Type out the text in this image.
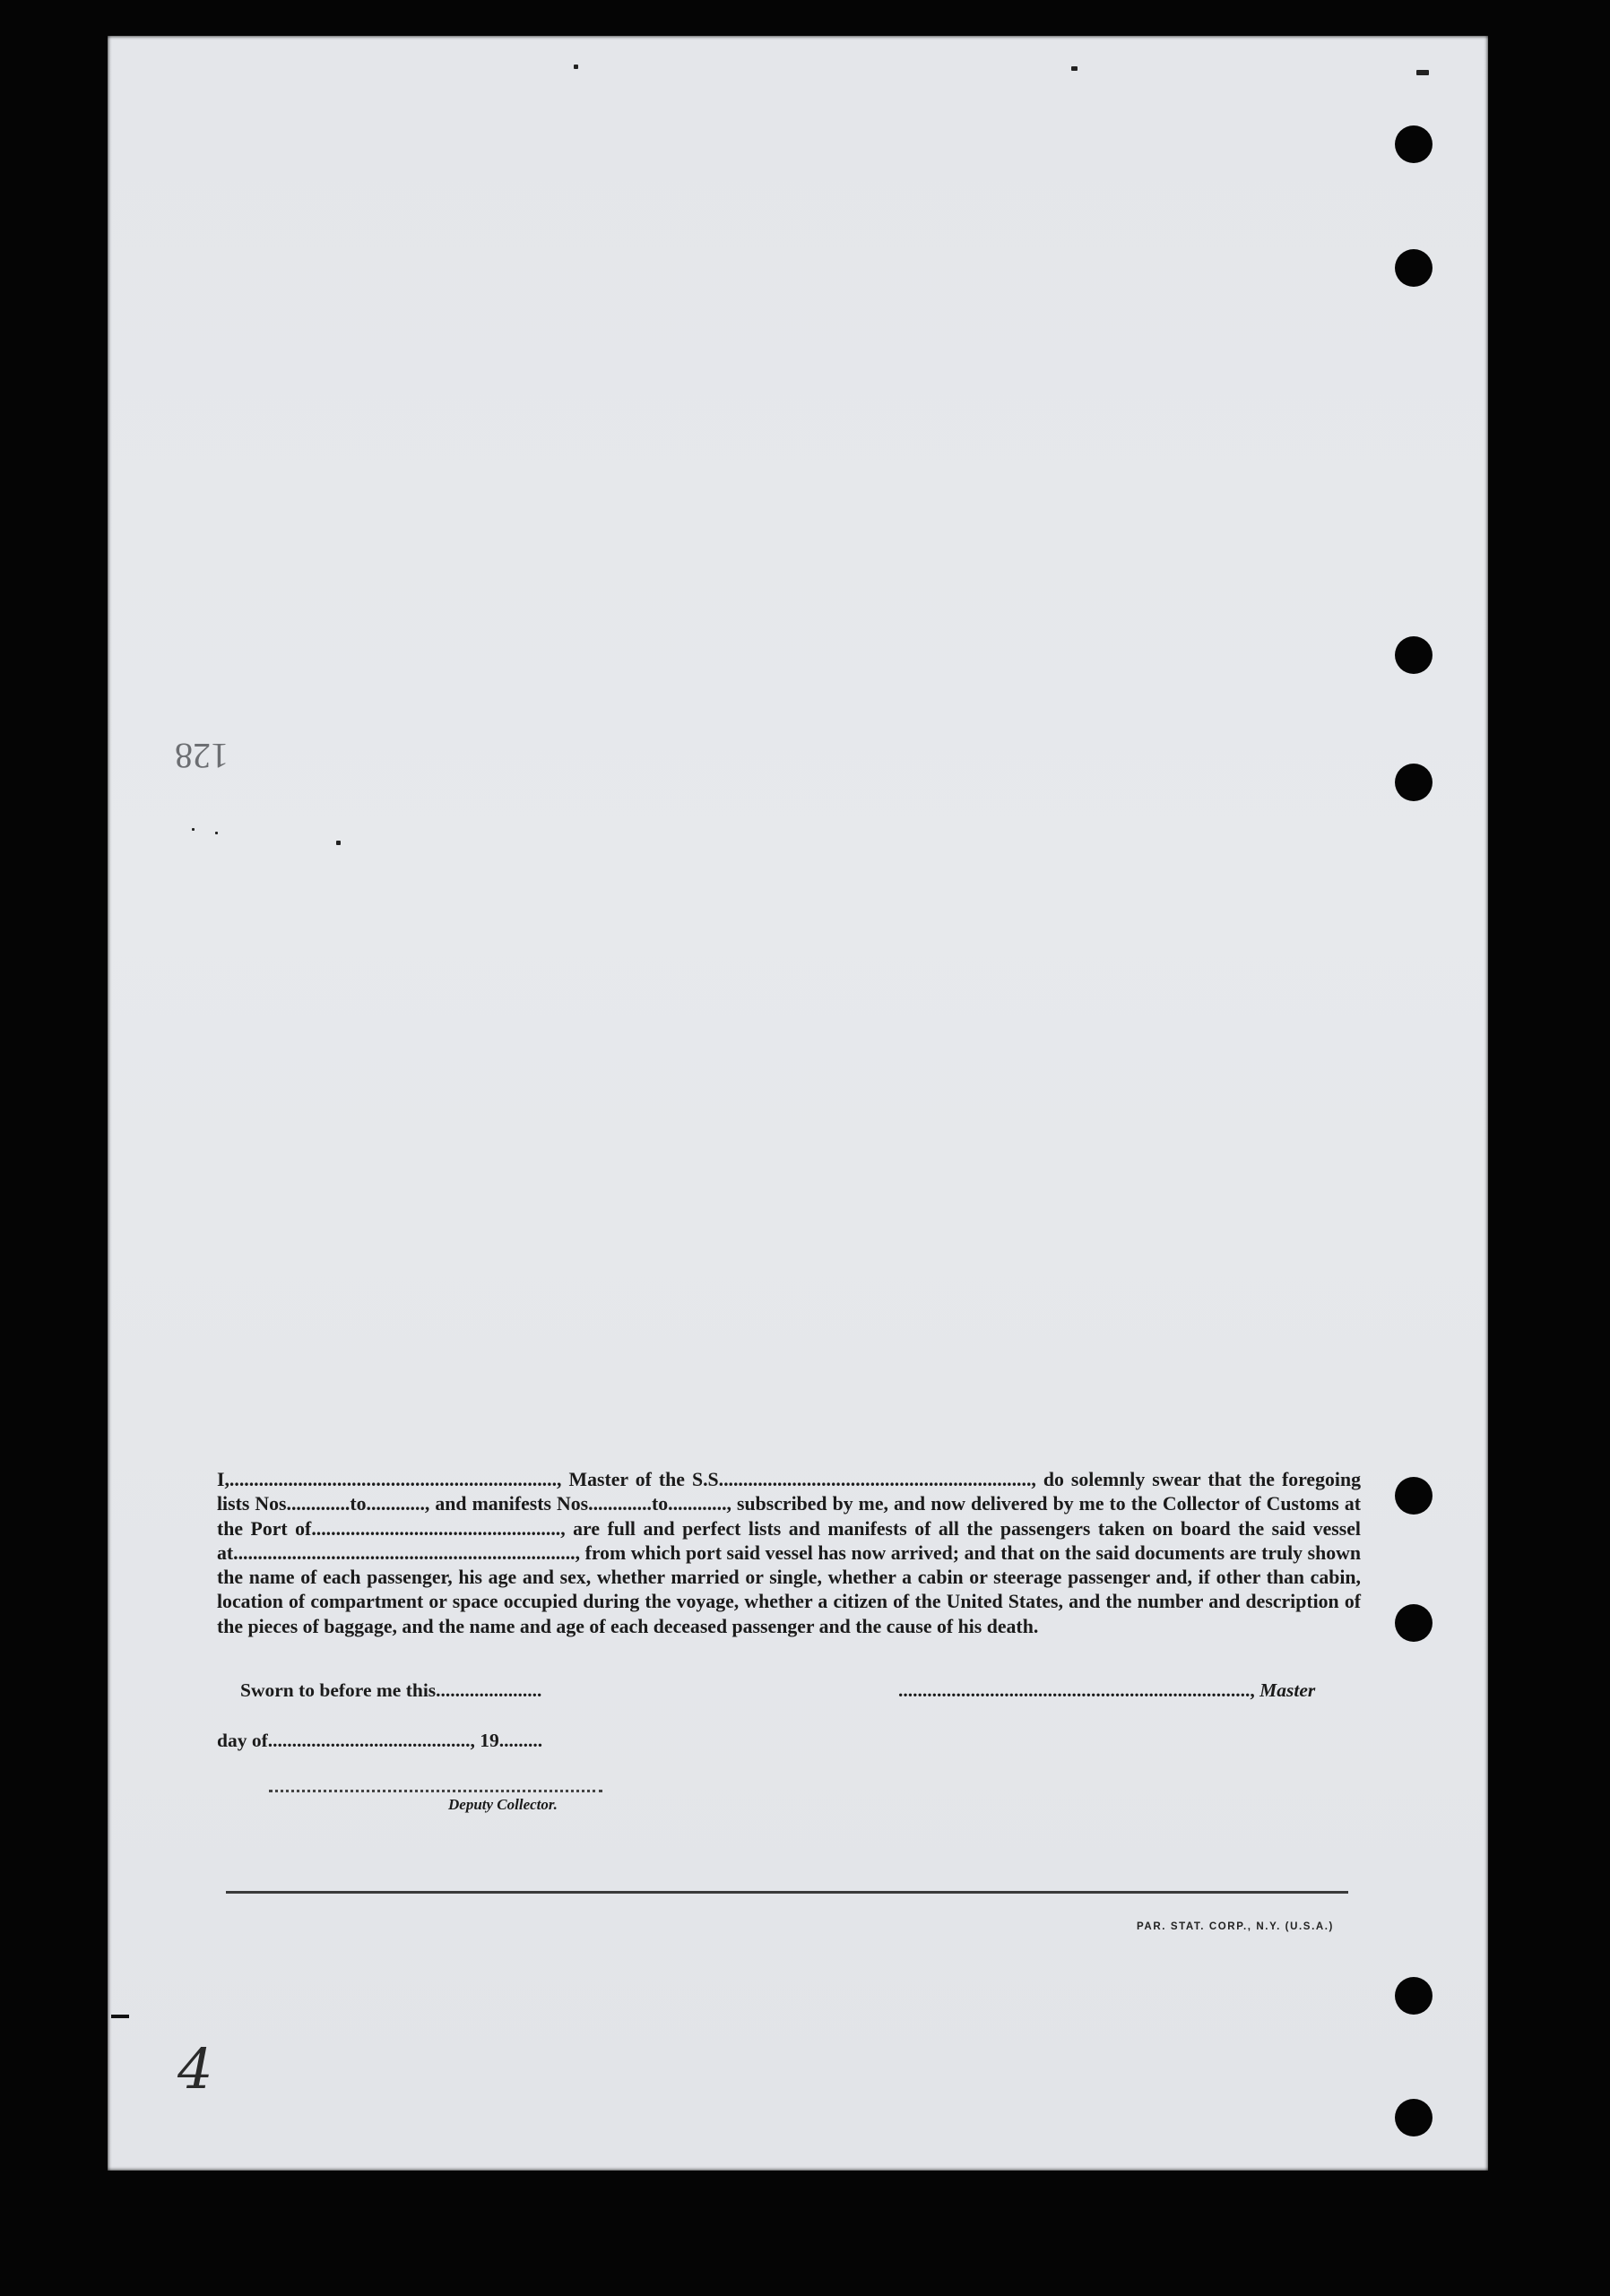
128

I,..................................................................., Master of the S.S................................................................, do solemnly swear that the foregoing lists Nos.............to............, and manifests Nos.............to............, subscribed by me, and now delivered by me to the Collector of Customs at the Port of..................................................., are full and perfect lists and manifests of all the passengers taken on board the said vessel at......................................................................, from which port said vessel has now arrived; and that on the said documents are truly shown the name of each passenger, his age and sex, whether married or single, whether a cabin or steerage passenger and, if other than cabin, location of compartment or space occupied during the voyage, whether a citizen of the United States, and the number and description of the pieces of baggage, and the name and age of each deceased passenger and the cause of his death.

Sworn to before me this......................	........................................................................., Master
day of.........................................., 19.........
Deputy Collector.
PAR. STAT. CORP., N.Y. (U.S.A.)
4
